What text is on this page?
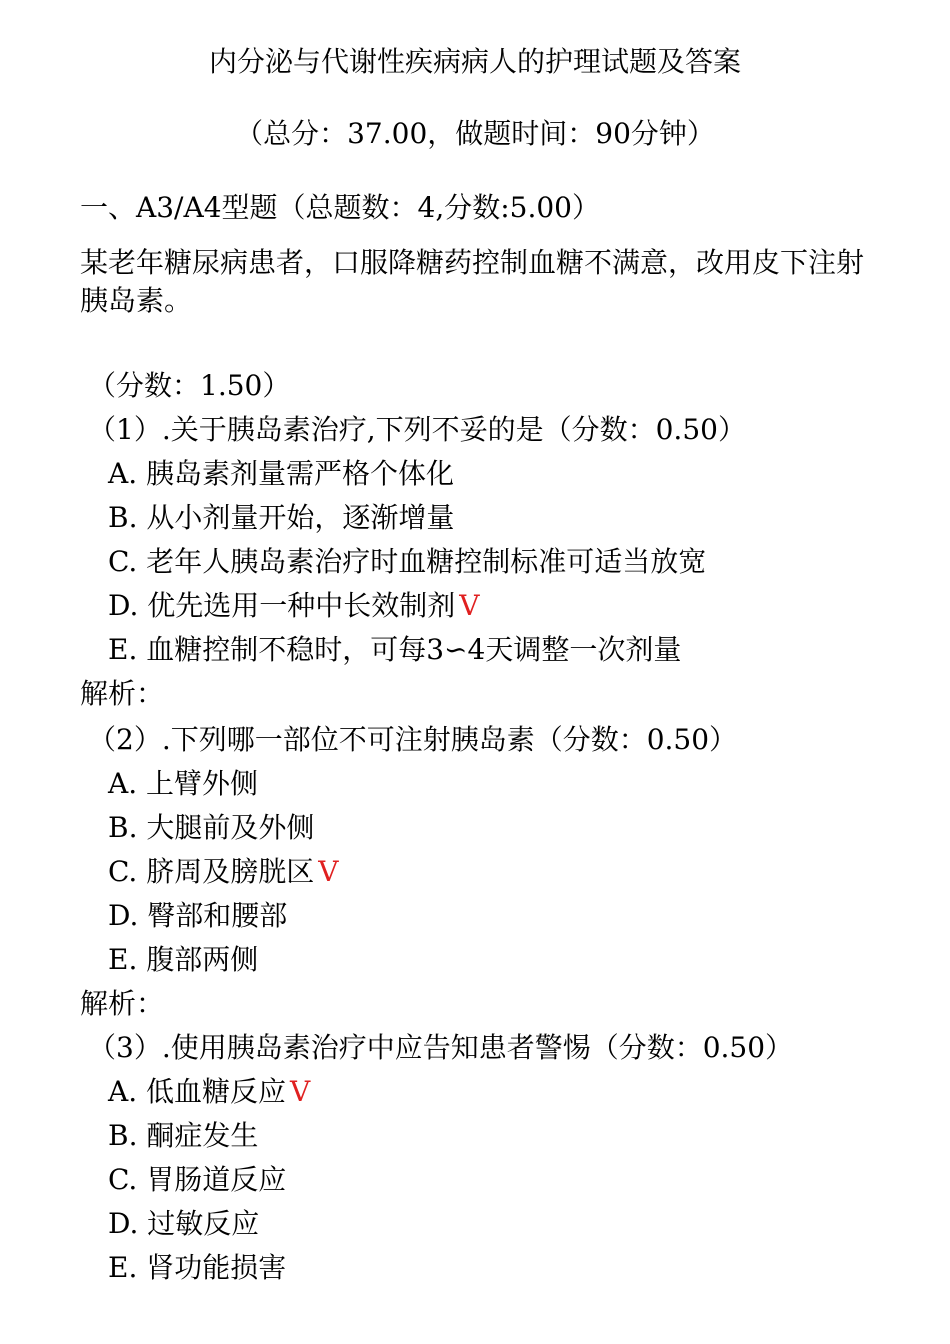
内分泌与代谢性疾病病人的护理试题及答案
（总分：37.00，做题时间：90分钟）
一、A3/A4型题（总题数：4,分数:5.00）
某老年糖尿病患者，口服降糖药控制血糖不满意，改用皮下注射胰岛素。
（分数：1.50）
（1）.关于胰岛素治疗,下列不妥的是（分数：0.50）
A. 胰岛素剂量需严格个体化
B. 从小剂量开始，逐渐增量
C. 老年人胰岛素治疗时血糖控制标准可适当放宽
D. 优先选用一种中长效制剂 V
E. 血糖控制不稳时，可每3∽4天调整一次剂量
解析：
（2）.下列哪一部位不可注射胰岛素（分数：0.50）
A. 上臂外侧
B. 大腿前及外侧
C. 脐周及膀胱区 V
D. 臀部和腰部
E. 腹部两侧
解析：
（3）.使用胰岛素治疗中应告知患者警惕（分数：0.50）
A. 低血糖反应 V
B. 酮症发生
C. 胃肠道反应
D. 过敏反应
E. 肾功能损害
